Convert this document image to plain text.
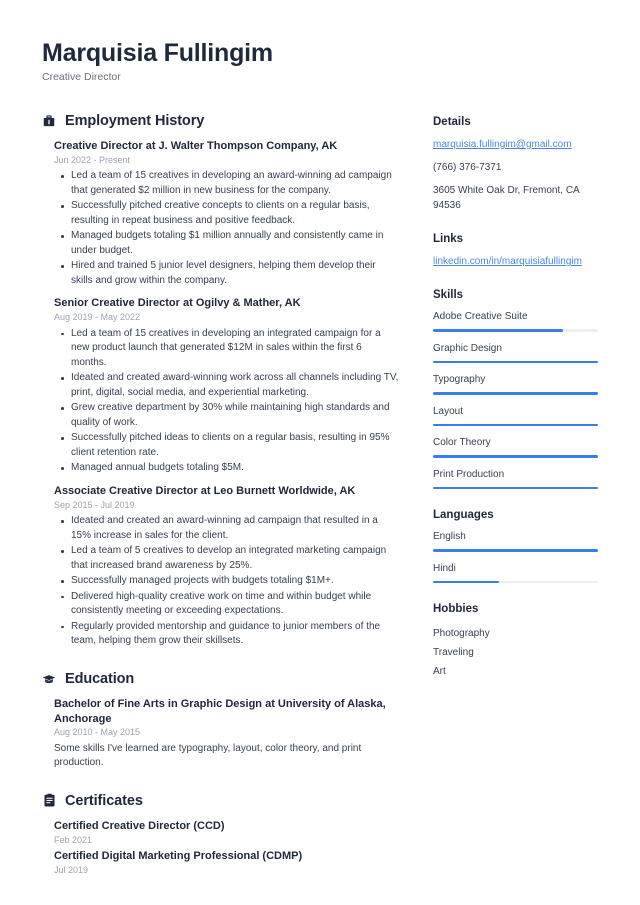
Marquisia Fullingim
Creative Director
Employment History
Creative Director at J. Walter Thompson Company, AK
Jun 2022 - Present
Led a team of 15 creatives in developing an award-winning ad campaign that generated $2 million in new business for the company.
Successfully pitched creative concepts to clients on a regular basis, resulting in repeat business and positive feedback.
Managed budgets totaling $1 million annually and consistently came in under budget.
Hired and trained 5 junior level designers, helping them develop their skills and grow within the company.
Senior Creative Director at Ogilvy & Mather, AK
Aug 2019 - May 2022
Led a team of 15 creatives in developing an integrated campaign for a new product launch that generated $12M in sales within the first 6 months.
Ideated and created award-winning work across all channels including TV, print, digital, social media, and experiential marketing.
Grew creative department by 30% while maintaining high standards and quality of work.
Successfully pitched ideas to clients on a regular basis, resulting in 95% client retention rate.
Managed annual budgets totaling $5M.
Associate Creative Director at Leo Burnett Worldwide, AK
Sep 2015 - Jul 2019
Ideated and created an award-winning ad campaign that resulted in a 15% increase in sales for the client.
Led a team of 5 creatives to develop an integrated marketing campaign that increased brand awareness by 25%.
Successfully managed projects with budgets totaling $1M+.
Delivered high-quality creative work on time and within budget while consistently meeting or exceeding expectations.
Regularly provided mentorship and guidance to junior members of the team, helping them grow their skillsets.
Education
Bachelor of Fine Arts in Graphic Design at University of Alaska, Anchorage
Aug 2010 - May 2015
Some skills I've learned are typography, layout, color theory, and print production.
Certificates
Certified Creative Director (CCD)
Feb 2021
Certified Digital Marketing Professional (CDMP)
Jul 2019
Details
marquisia.fullingim@gmail.com
(766) 376-7371
3605 White Oak Dr, Fremont, CA 94536
Links
linkedin.com/in/marquisiafullingim
Skills
Adobe Creative Suite
Graphic Design
Typography
Layout
Color Theory
Print Production
Languages
English
Hindi
Hobbies
Photography
Traveling
Art
